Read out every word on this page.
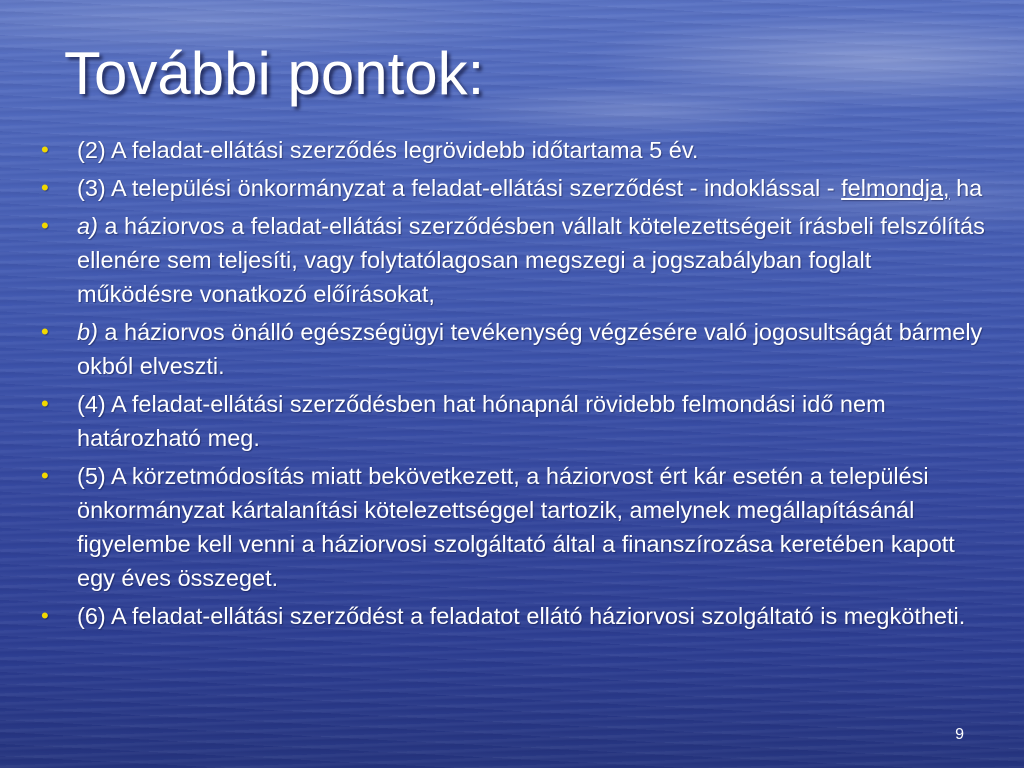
További pontok:
• (2) A feladat-ellátási szerződés legrövidebb időtartama 5 év.
• (3) A települési önkormányzat a feladat-ellátási szerződést - indoklással - felmondja, ha
• a) a háziorvos a feladat-ellátási szerződésben vállalt kötelezettségeit írásbeli felszólítás ellenére sem teljesíti, vagy folytatólagosan megszegi a jogszabályban foglalt működésre vonatkozó előírásokat,
• b) a háziorvos önálló egészségügyi tevékenység végzésére való jogosultságát bármely okból elveszti.
• (4) A feladat-ellátási szerződésben hat hónapnál rövidebb felmondási idő nem határozható meg.
• (5) A körzetmódosítás miatt bekövetkezett, a háziorvost ért kár esetén a települési önkormányzat kártalanítási kötelezettséggel tartozik, amelynek megállapításánál figyelembe kell venni a háziorvosi szolgáltató által a finanszírozása keretében kapott egy éves összeget.
• (6) A feladat-ellátási szerződést a feladatot ellátó háziorvosi szolgáltató is megkötheti.
9
